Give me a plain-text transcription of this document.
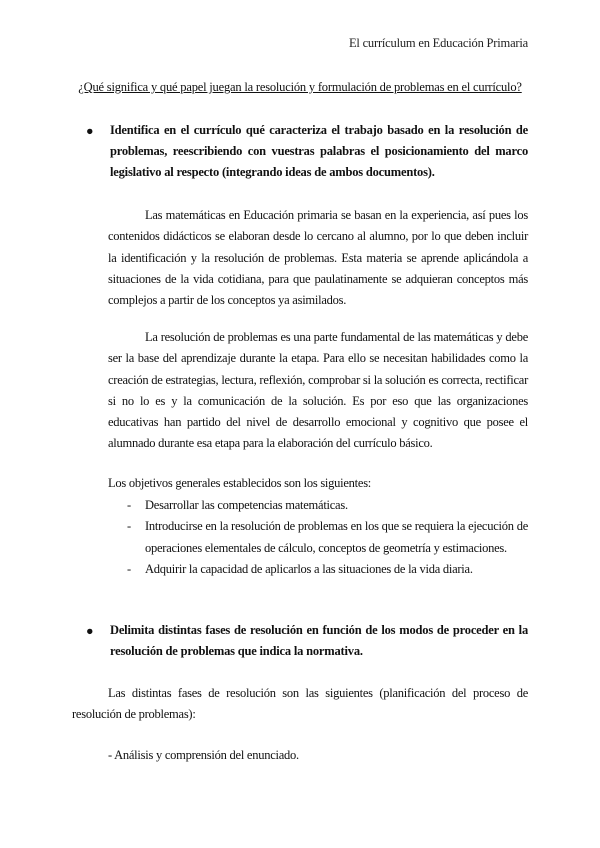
El currículum en Educación Primaria
¿Qué significa y qué papel juegan la resolución y formulación de problemas en el currículo?
● Identifica en el currículo qué caracteriza el trabajo basado en la resolución de problemas, reescribiendo con vuestras palabras el posicionamiento del marco legislativo al respecto (integrando ideas de ambos documentos).
Las matemáticas en Educación primaria se basan en la experiencia, así pues los contenidos didácticos se elaboran desde lo cercano al alumno, por lo que deben incluir la identificación y la resolución de problemas. Esta materia se aprende aplicándola a situaciones de la vida cotidiana, para que paulatinamente se adquieran conceptos más complejos a partir de los conceptos ya asimilados.
La resolución de problemas es una parte fundamental de las matemáticas y debe ser la base del aprendizaje durante la etapa. Para ello se necesitan habilidades como la creación de estrategias, lectura, reflexión, comprobar si la solución es correcta, rectificar si no lo es y la comunicación de la solución. Es por eso que las organizaciones educativas han partido del nivel de desarrollo emocional y cognitivo que posee el alumnado durante esa etapa para la elaboración del currículo básico.
Los objetivos generales establecidos son los siguientes:
- Desarrollar las competencias matemáticas.
- Introducirse en la resolución de problemas en los que se requiera la ejecución de operaciones elementales de cálculo, conceptos de geometría y estimaciones.
- Adquirir la capacidad de aplicarlos a las situaciones de la vida diaria.
● Delimita distintas fases de resolución en función de los modos de proceder en la resolución de problemas que indica la normativa.
Las distintas fases de resolución son las siguientes (planificación del proceso de resolución de problemas):
- Análisis y comprensión del enunciado.
